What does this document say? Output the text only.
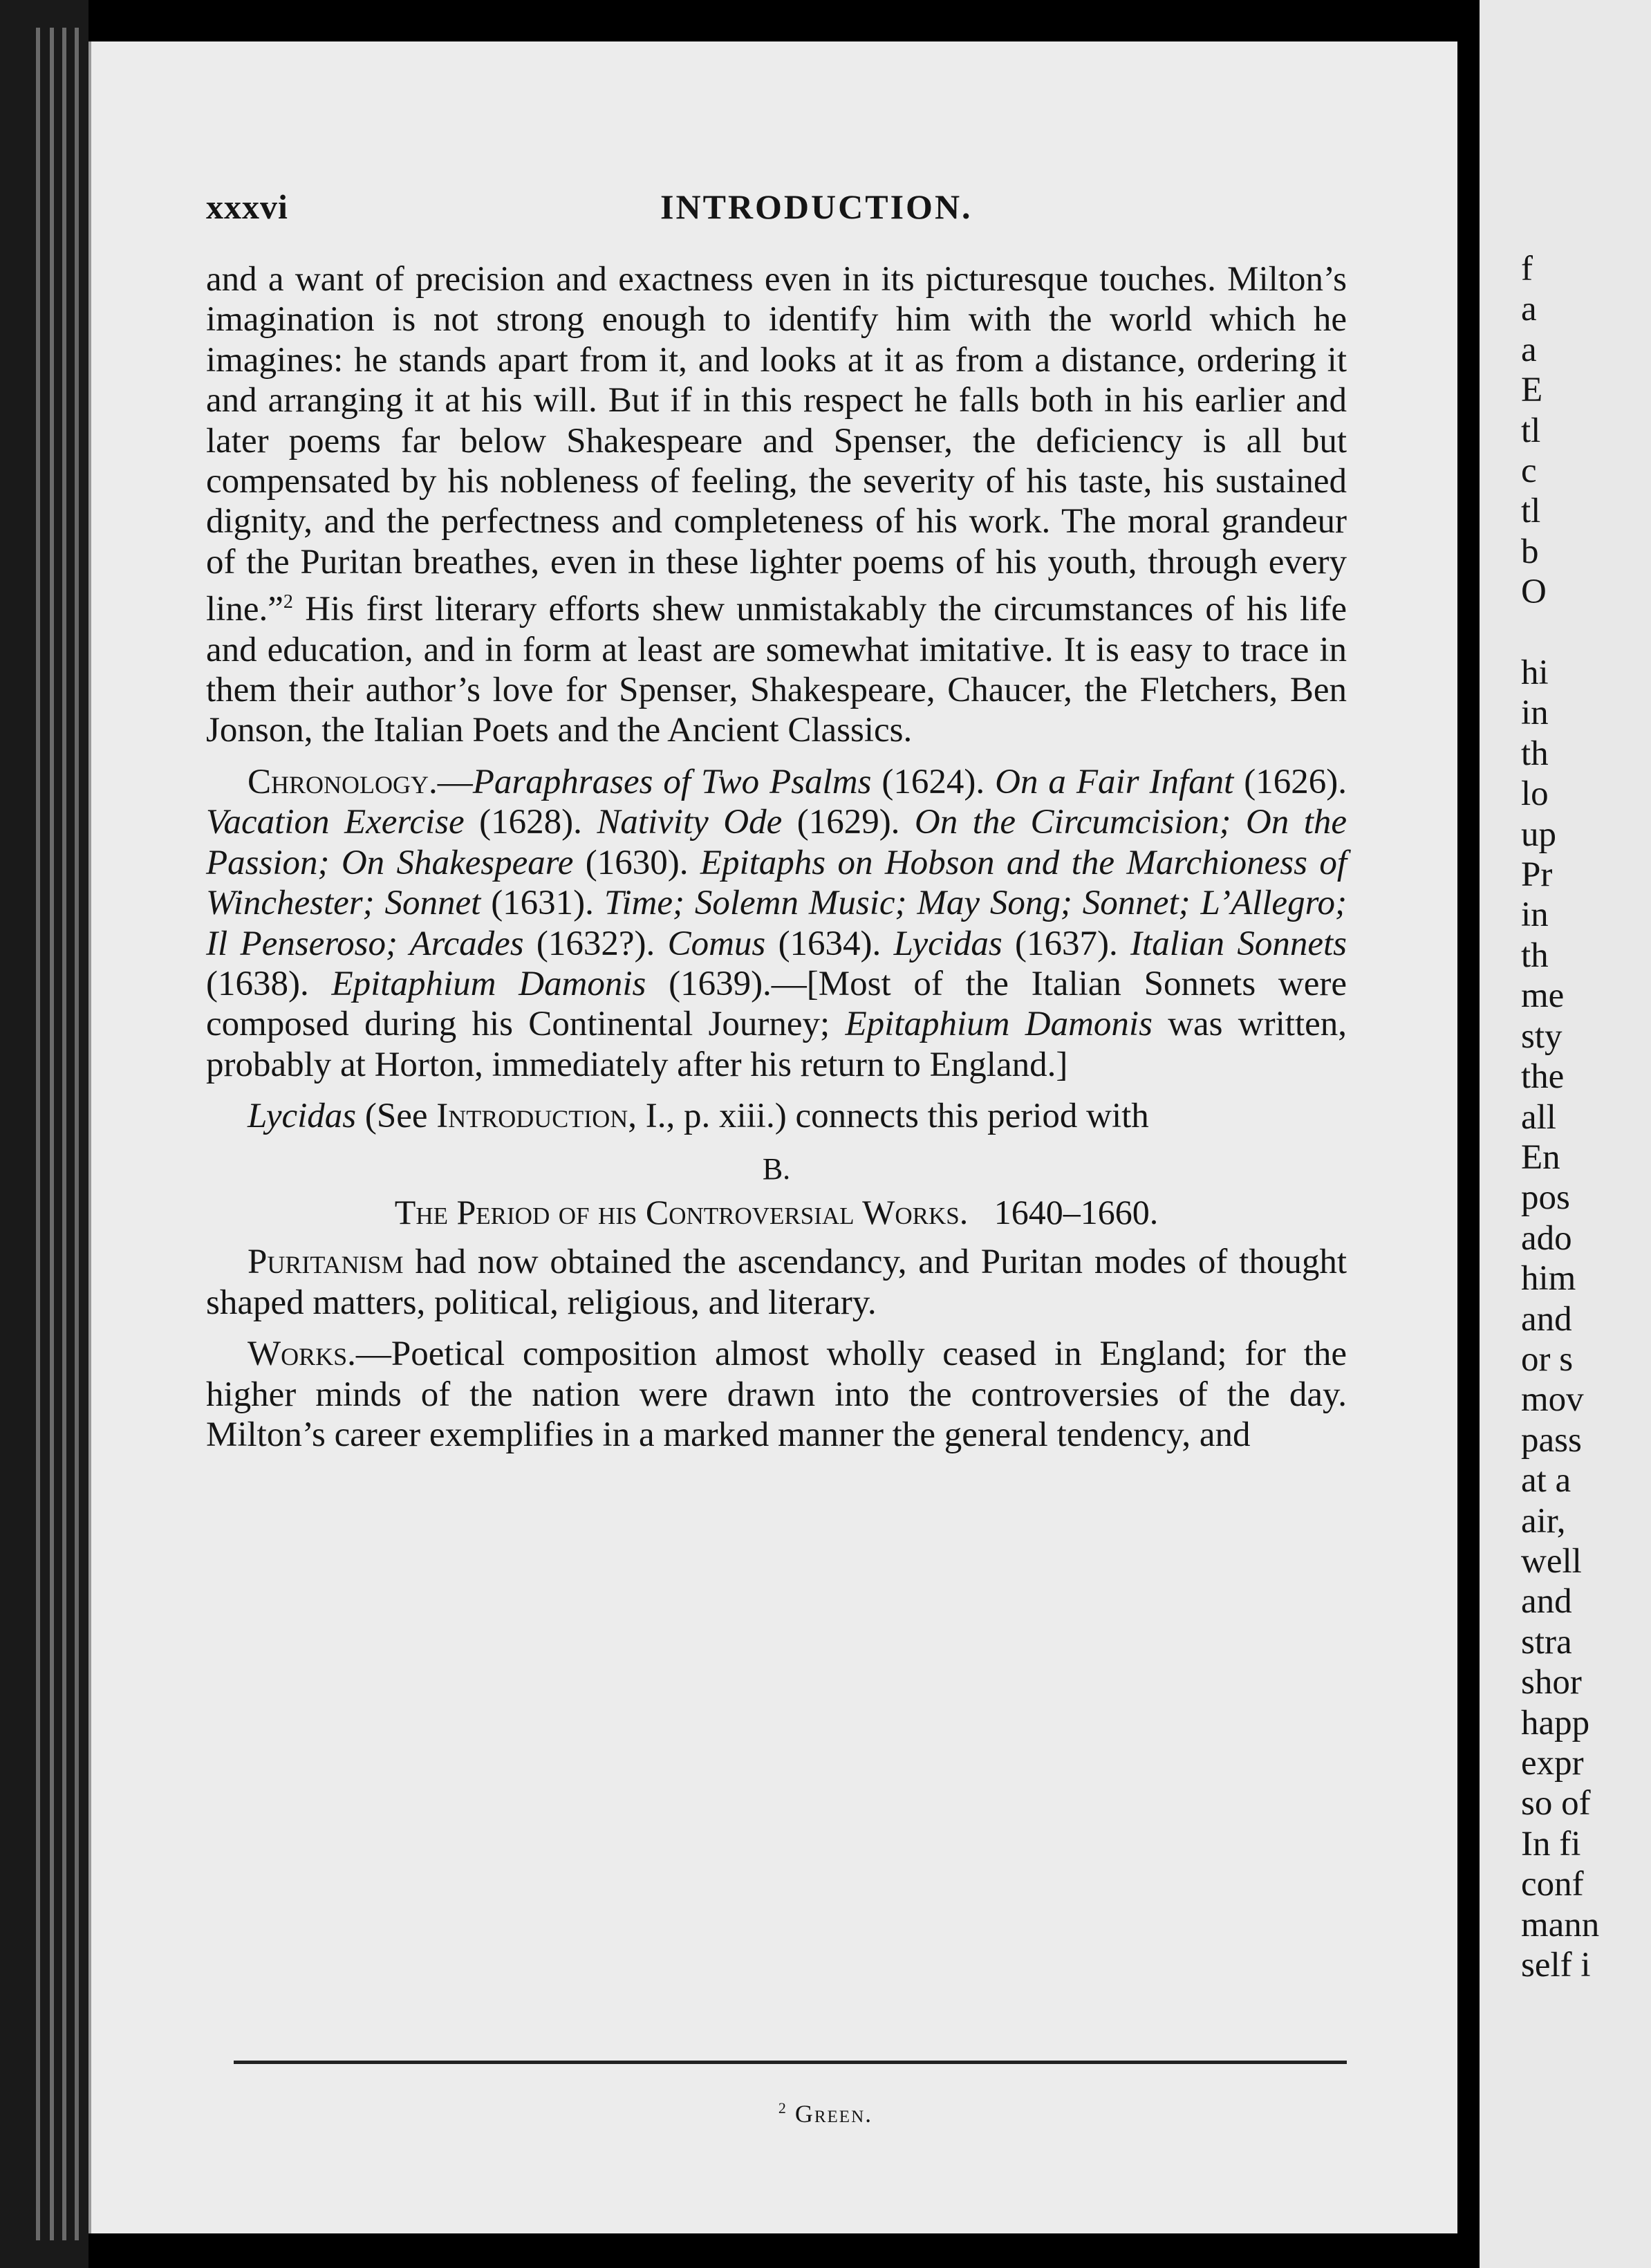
xxxvi	INTRODUCTION.

and a want of precision and exactness even in its picturesque touches. Milton’s imagination is not strong enough to identify him with the world which he imagines: he stands apart from it, and looks at it as from a distance, ordering it and arranging it at his will. But if in this respect he falls both in his earlier and later poems far below Shakespeare and Spenser, the deficiency is all but compensated by his nobleness of feeling, the severity of his taste, his sustained dignity, and the perfectness and completeness of his work. The moral grandeur of the Puritan breathes, even in these lighter poems of his youth, through every line.”$^2$ His first literary efforts shew unmistakably the circumstances of his life and education, and in form at least are somewhat imitative. It is easy to trace in them their author’s love for Spenser, Shakespeare, Chaucer, the Fletchers, Ben Jonson, the Italian Poets and the Ancient Classics.

Chronology.—Paraphrases of Two Psalms (1624). On a Fair Infant (1626). Vacation Exercise (1628). Nativity Ode (1629). On the Circumcision; On the Passion; On Shakespeare (1630). Epitaphs on Hobson and the Marchioness of Winchester; Sonnet (1631). Time; Solemn Music; May Song; Sonnet; L’Allegro; Il Penseroso; Arcades (1632?). Comus (1634). Lycidas (1637). Italian Sonnets (1638). Epitaphium Damonis (1639).—[Most of the Italian Sonnets were composed during his Continental Journey; Epitaphium Damonis was written, probably at Horton, immediately after his return to England.]

Lycidas (See Introduction, I., p. xiii.) connects this period with

B.
The Period of his Controversial Works. 1640–1660.

Puritanism had now obtained the ascendancy, and Puritan modes of thought shaped matters, political, religious, and literary.

Works.—Poetical composition almost wholly ceased in England; for the higher minds of the nation were drawn into the controversies of the day. Milton’s career exemplifies in a marked manner the general tendency, and

$^2$ Green.
f
a
a
E
tl
c
tl
b
O
hi
in
th
lo
up
Pr
in
th
me
sty
the
all
En
pos
ado
him
and
or s
mov
pass
at a
air,
well
and
stra
shor
happ
expr
so of
In fi
conf
mann
self i
